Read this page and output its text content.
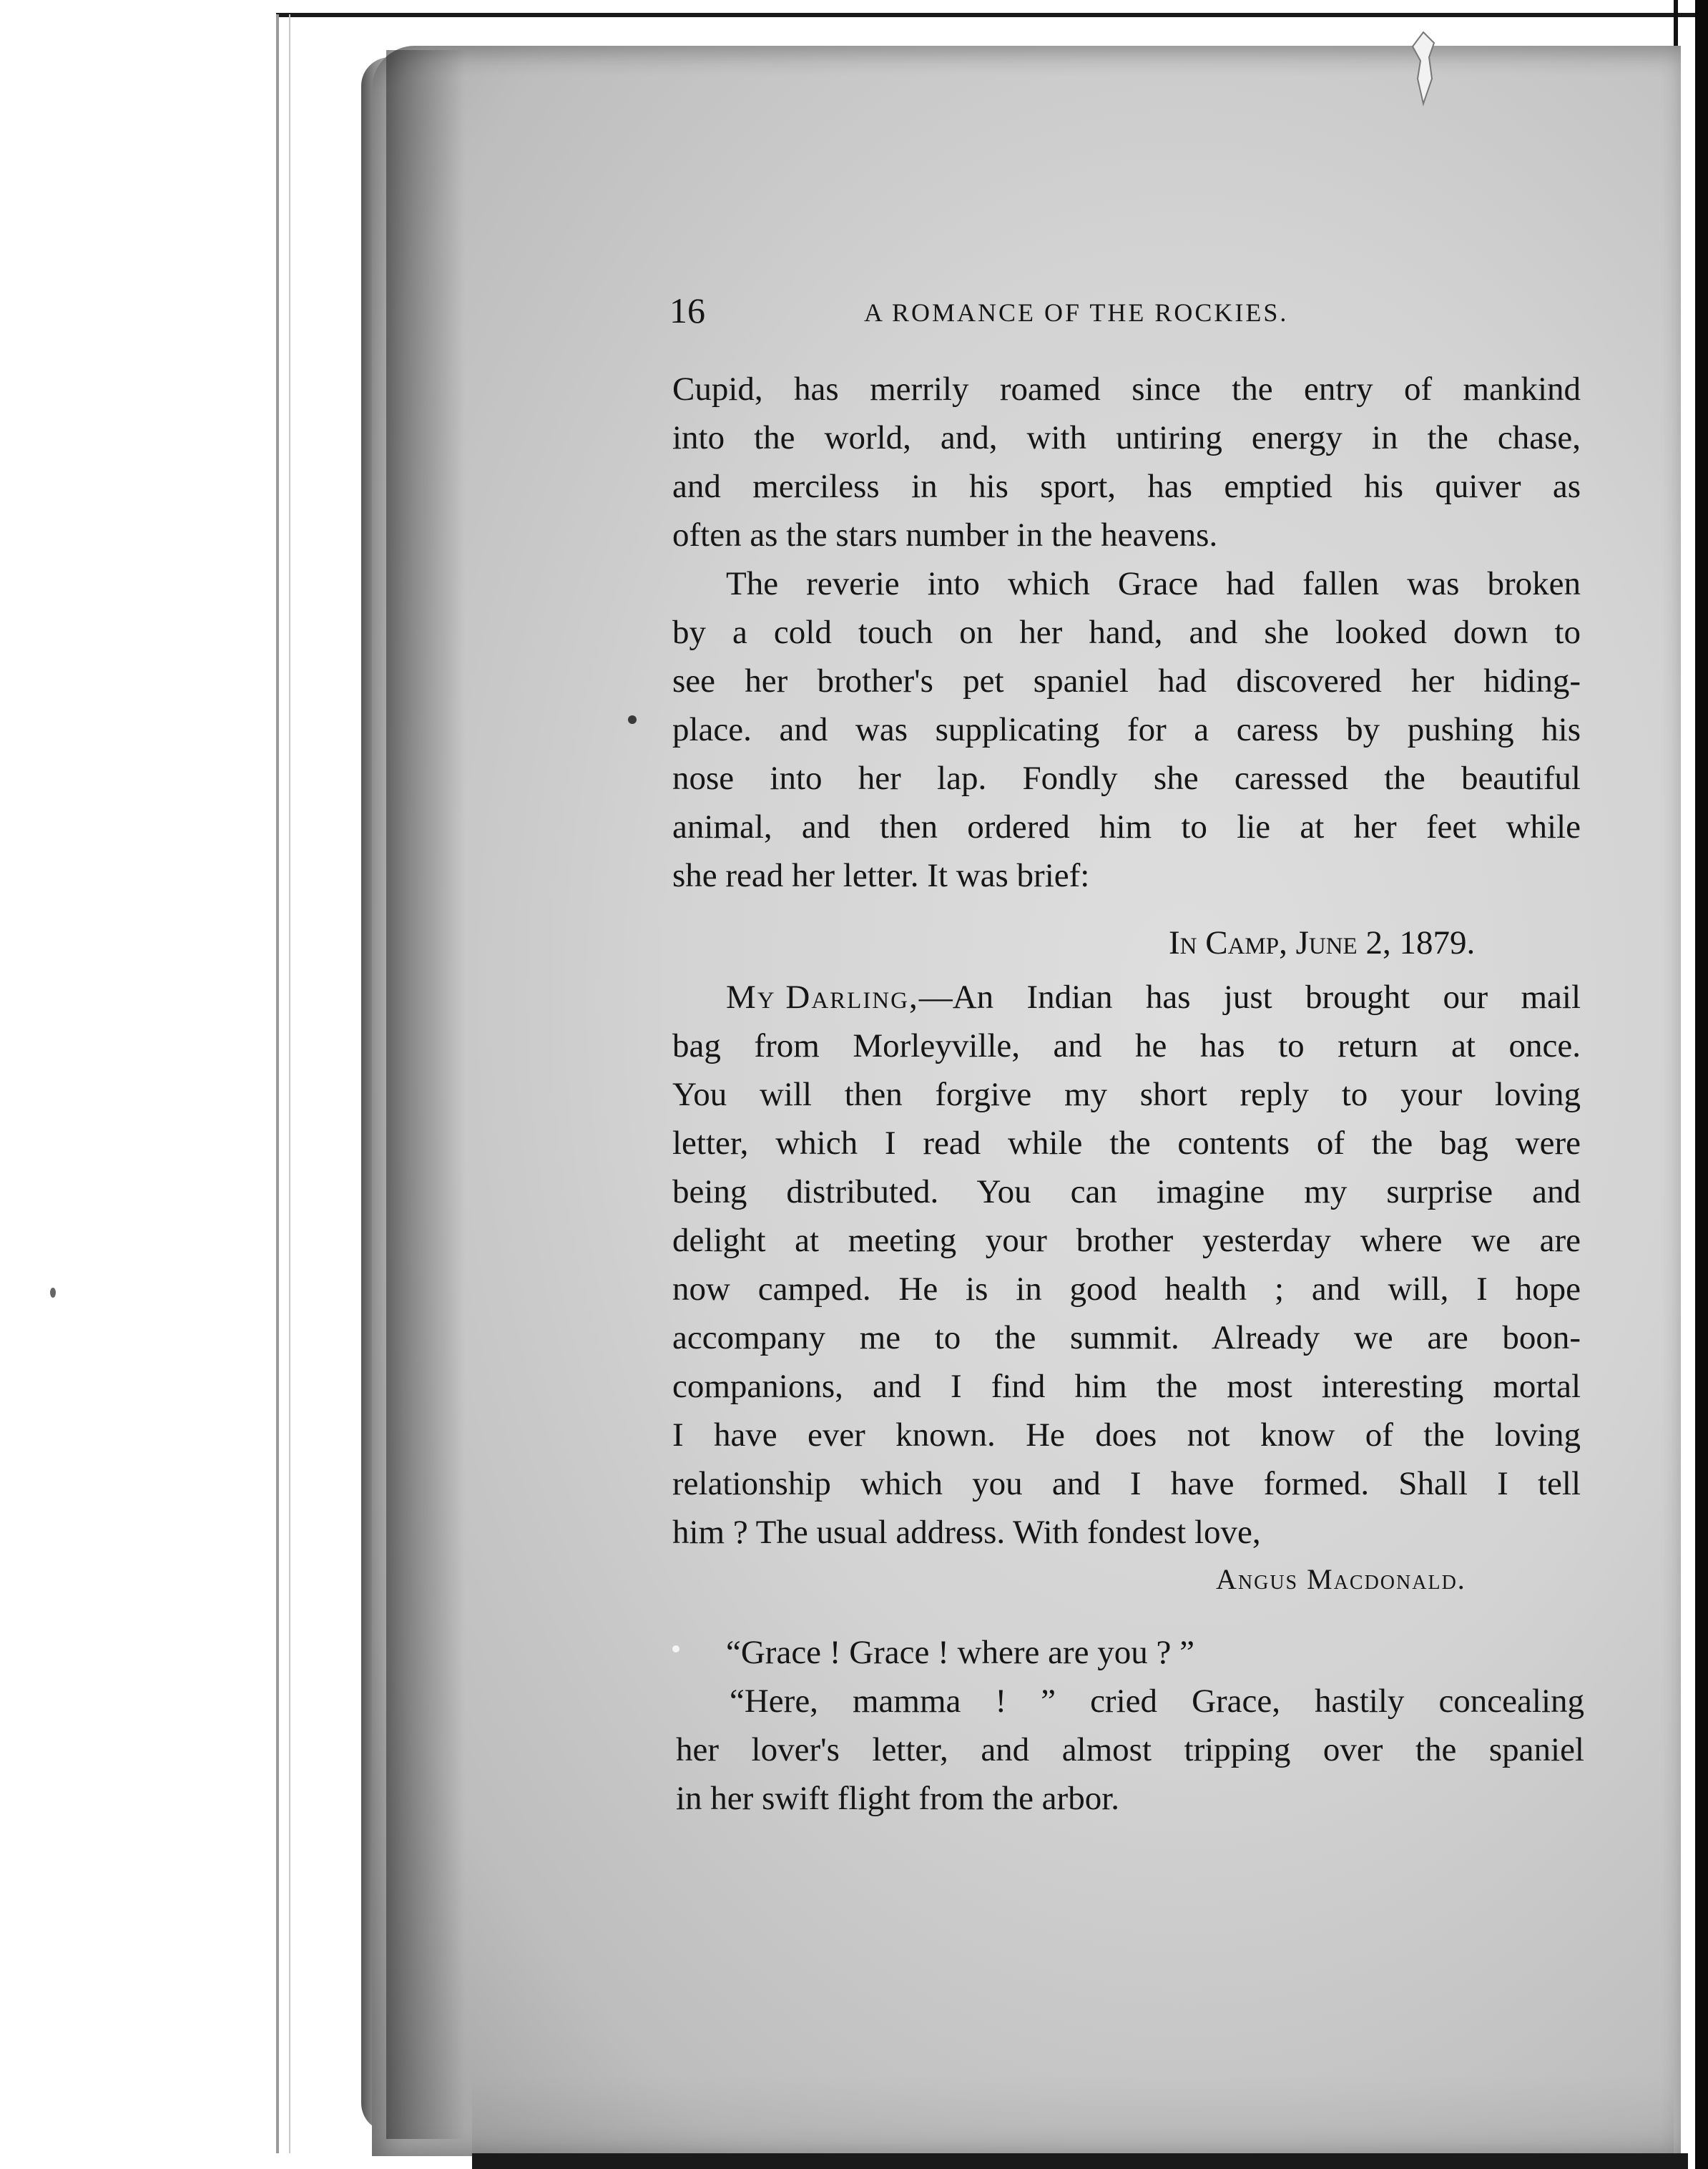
16	A ROMANCE OF THE ROCKIES.
Cupid, has merrily roamed since the entry of mankind
into the world, and, with untiring energy in the chase,
and merciless in his sport, has emptied his quiver as
often as the stars number in the heavens.
The reverie into which Grace had fallen was broken
by a cold touch on her hand, and she looked down to
see her brother's pet spaniel had discovered her hiding-
place. and was supplicating for a caress by pushing his
nose into her lap. Fondly she caressed the beautiful
animal, and then ordered him to lie at her feet while
she read her letter. It was brief:
In Camp, June 2, 1879.
My Darling, —An Indian has just brought our mail
bag from Morleyville, and he has to return at once.
You will then forgive my short reply to your loving
letter, which I read while the contents of the bag were
being distributed. You can imagine my surprise and
delight at meeting your brother yesterday where we are
now camped. He is in good health ; and will, I hope
accompany me to the summit. Already we are boon-
companions, and I find him the most interesting mortal
I have ever known. He does not know of the loving
relationship which you and I have formed. Shall I tell
him ? The usual address. With fondest love,
Angus Macdonald.
“Grace ! Grace ! where are you ? ”
“Here, mamma ! ” cried Grace, hastily concealing
her lover's letter, and almost tripping over the spaniel
in her swift flight from the arbor.
